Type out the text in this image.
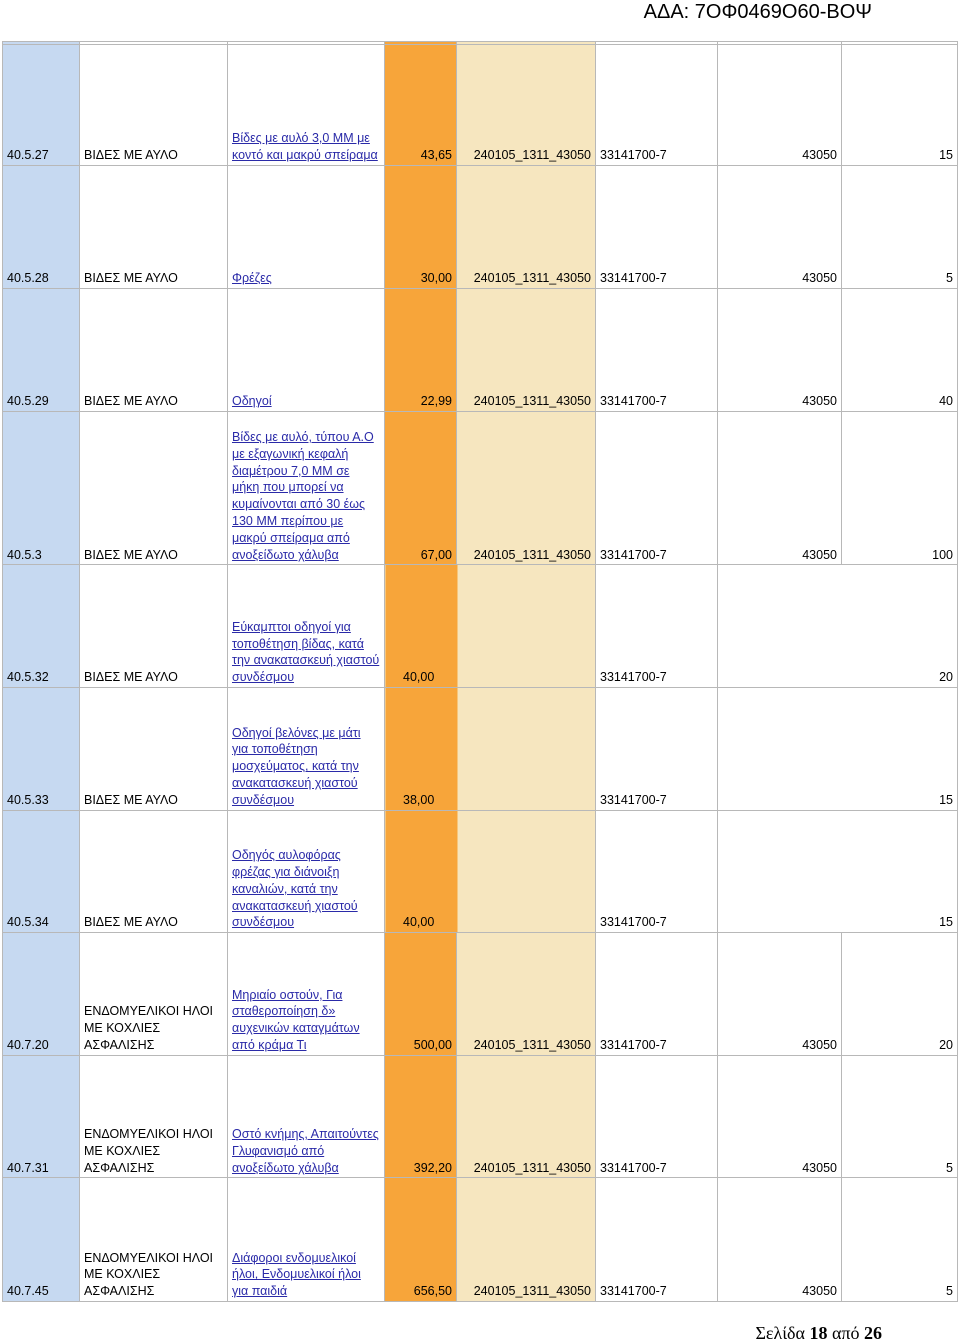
ΑΔΑ: 7ΟΦ0469Ο60-ΒΟΨ

40.5.27	ΒΙΔΕΣ ΜΕ ΑΥΛΟ	Βίδες με αυλό 3,0 ΜΜ με κοντό και μακρύ σπείραμα	43,65	240105_1311_43050	33141700-7	43050	15
40.5.28	ΒΙΔΕΣ ΜΕ ΑΥΛΟ	Φρέζες	30,00	240105_1311_43050	33141700-7	43050	5
40.5.29	ΒΙΔΕΣ ΜΕ ΑΥΛΟ	Οδηγοί	22,99	240105_1311_43050	33141700-7	43050	40
40.5.3	ΒΙΔΕΣ ΜΕ ΑΥΛΟ	Βίδες με αυλό, τύπου Α.Ο με εξαγωνική κεφαλή διαμέτρου 7,0 ΜΜ σε μήκη που μπορεί να κυμαίνονται από 30 έως 130 ΜΜ περίπου με μακρύ σπείραμα από ανοξείδωτο χάλυβα	67,00	240105_1311_43050	33141700-7	43050	100
40.5.32	ΒΙΔΕΣ ΜΕ ΑΥΛΟ	Εύκαμπτοι οδηγοί για τοποθέτηση βίδας, κατά την ανακατασκευή χιαστού συνδέσμου	40,00		33141700-7	20	
40.5.33	ΒΙΔΕΣ ΜΕ ΑΥΛΟ	Οδηγοί βελόνες με μάτι για τοποθέτηση μοσχεύματος, κατά την ανακατασκευή χιαστού συνδέσμου	38,00		33141700-7	15	
40.5.34	ΒΙΔΕΣ ΜΕ ΑΥΛΟ	Οδηγός αυλοφόρας φρέζας για διάνοιξη καναλιών, κατά την ανακατασκευή χιαστού συνδέσμου	40,00		33141700-7	15	
40.7.20	ΕΝΔΟΜΥΕΛΙΚΟΙ ΗΛΟΙ ΜΕ ΚΟΧΛΙΕΣ ΑΣΦΑΛΙΣΗΣ	Μηριαίο οστούν, Για σταθεροποίηση δ» αυχενικών καταγμάτων από κράμα Τι	500,00	240105_1311_43050	33141700-7	43050	20
40.7.31	ΕΝΔΟΜΥΕΛΙΚΟΙ ΗΛΟΙ ΜΕ ΚΟΧΛΙΕΣ ΑΣΦΑΛΙΣΗΣ	Οστό κνήμης, Απαιτούντες Γλυφανισμό από ανοξείδωτο χάλυβα	392,20	240105_1311_43050	33141700-7	43050	5
40.7.45	ΕΝΔΟΜΥΕΛΙΚΟΙ ΗΛΟΙ ΜΕ ΚΟΧΛΙΕΣ ΑΣΦΑΛΙΣΗΣ	Διάφοροι ενδομυελικοί ήλοι, Ενδομυελικοί ήλοι για παιδιά	656,50	240105_1311_43050	33141700-7	43050	5
Σελίδα 18 από 26
